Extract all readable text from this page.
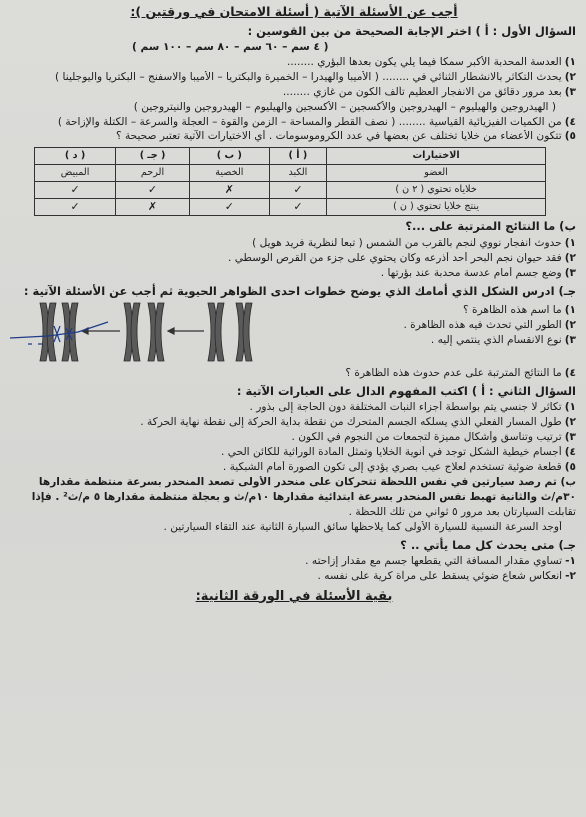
أجب عن الأسئلة الآتية ( أسئلة الامتحان في ورقتين ):
السؤال الأول : أ ) اختر الإجابة الصحيحة من بين القوسين :
( ٤ سم – ٦٠ سم – ٨٠ سم – ١٠٠ سم )
١)العدسة المحدبة الأكبر سمكا فيما يلي يكون بعدها البؤري ........
٢)يحدث التكاثر بالانشطار الثنائي في ........ ( الأميبا والهيدرا – الخميرة والبكتريا – الأميبا والاسفنج – البكتريا واليوجلينا )
٣)بعد مرور دقائق من الانفجار العظيم تألف الكون من غازي ........
( الهيدروجين والهيليوم – الهيدروجين والأكسجين – الأكسجين والهيليوم – الهيدروجين والنيتروجين )
٤)من الكميات الفيزيائية القياسية ........ ( نصف القطر والمساحة – الزمن والقوة – العجلة والسرعة – الكتلة والإزاحة )
٥)تتكون الأعضاء من خلايا تختلف عن بعضها في عدد الكروموسومات . أي الاختيارات الآتية تعتبر صحيحة ؟
الاختيارات	( أ )	( ب )	( جـ )	( د )
العضو	الكبد	الخصية	الرحم	المبيض
خلاياه تحتوي ( ٢ ن )	✓	✗	✓	✓
ينتج خلايا تحتوي ( ن )	✓	✓	✗	✓
ب) ما النتائج المترتبة على ...؟
١)حدوث انفجار نووي لنجم بالقرب من الشمس ( تبعا لنظرية فريد هويل )
٢)فقد حيوان نجم البحر أحد أذرعه وكان يحتوي على جزء من القرص الوسطي .
٣)وضع جسم أمام عدسة محدبة عند بؤرتها .
جـ) ادرس الشكل الذي أمامك الذي يوضح خطوات احدى الظواهر الحيوية ثم أجب عن الأسئلة الآتية :
١)ما اسم هذه الظاهرة ؟
٢)الطور التي تحدث فيه هذه الظاهرة .
٣)نوع الانقسام الذي ينتمي إليه .
٤)ما النتائج المترتبة على عدم حدوث هذه الظاهرة ؟
السؤال الثاني : أ ) اكتب المفهوم الدال على العبارات الآتية :
١)تكاثر لا جنسي يتم بواسطة أجزاء النبات المختلفة دون الحاجة إلى بذور .
٢)طول المسار الفعلي الذي يسلكه الجسم المتحرك من نقطة بداية الحركة إلى نقطة نهاية الحركة .
٣)ترتيب وتناسق وأشكال مميزة لتجمعات من النجوم في الكون .
٤)أجسام خيطية الشكل توجد في أنوية الخلايا وتمثل المادة الوراثية للكائن الحي .
٥)قطعة ضوئية تستخدم لعلاج عيب بصري يؤدي إلى تكون الصورة أمام الشبكية .
ب) تم رصد سيارتين في نفس اللحظة تتحركان على منحدر الأولى تصعد المنحدر بسرعة منتظمة مقدارها
٣٠م/ث والثانية تهبط نفس المنحدر بسرعة ابتدائية مقدارها ١٠م/ث و بعجلة منتظمة مقدارها ٥ م/ث² . فإذا
تقابلت السيارتان بعد مرور ٥ ثواني من تلك اللحظة .
أوجد السرعة النسبية للسيارة الأولى كما يلاحظها سائق السيارة الثانية عند التقاء السيارتين .
جـ) متى يحدث كل مما يأتي .. ؟
١-تساوي مقدار المسافة التي يقطعها جسم مع مقدار إزاحته .
٢-انعكاس شعاع ضوئي يسقط على مرآة كرية على نفسه .
بقية الأسئلة في الورقة الثانية:
